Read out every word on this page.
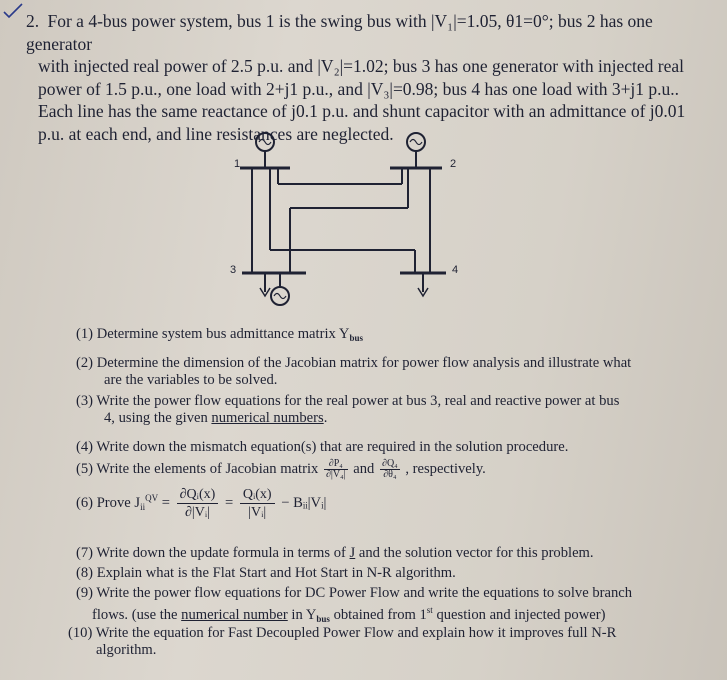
2. For a 4-bus power system, bus 1 is the swing bus with |V₁|=1.05, θ1=0°; bus 2 has one generator
with injected real power of 2.5 p.u. and |V₂|=1.02; bus 3 has one generator with injected real
power of 1.5 p.u., one load with 2+j1 p.u., and |V₃|=0.98; bus 4 has one load with 3+j1 p.u..
Each line has the same reactance of j0.1 p.u. and shunt capacitor with an admittance of j0.01
p.u. at each end, and line resistances are neglected.
1	2
3	4
(1) Determine system bus admittance matrix $Y_{bus}$
(2) Determine the dimension of the Jacobian matrix for power flow analysis and illustrate what
are the variables to be solved.
(3) Write the power flow equations for the real power at bus 3, real and reactive power at bus
4, using the given numerical numbers.
(4) Write down the mismatch equation(s) that are required in the solution procedure.
(5) Write the elements of Jacobian matrix $\frac{\text{∂P₄}}{\text{∂|V₄|}}$ and $\frac{\text{∂Q₄}}{\text{∂θ₄}}$ , respectively.
(6) Prove $J_{ii}^{QV} = \frac{\text{∂Qᵢ(x)}}{\text{∂|Vᵢ|}} = \frac{\text{Qᵢ(x)}}{\text{|Vᵢ|}}$ − Bᵢᵢ|Vᵢ|
(7) Write down the update formula in terms of J and the solution vector for this problem.
(8) Explain what is the Flat Start and Hot Start in N-R algorithm.
(9) Write the power flow equations for DC Power Flow and write the equations to solve branch
flows. (use the numerical number in $Y_{bus}$ obtained from 1st question and injected power)
(10) Write the equation for Fast Decoupled Power Flow and explain how it improves full N-R
algorithm.
